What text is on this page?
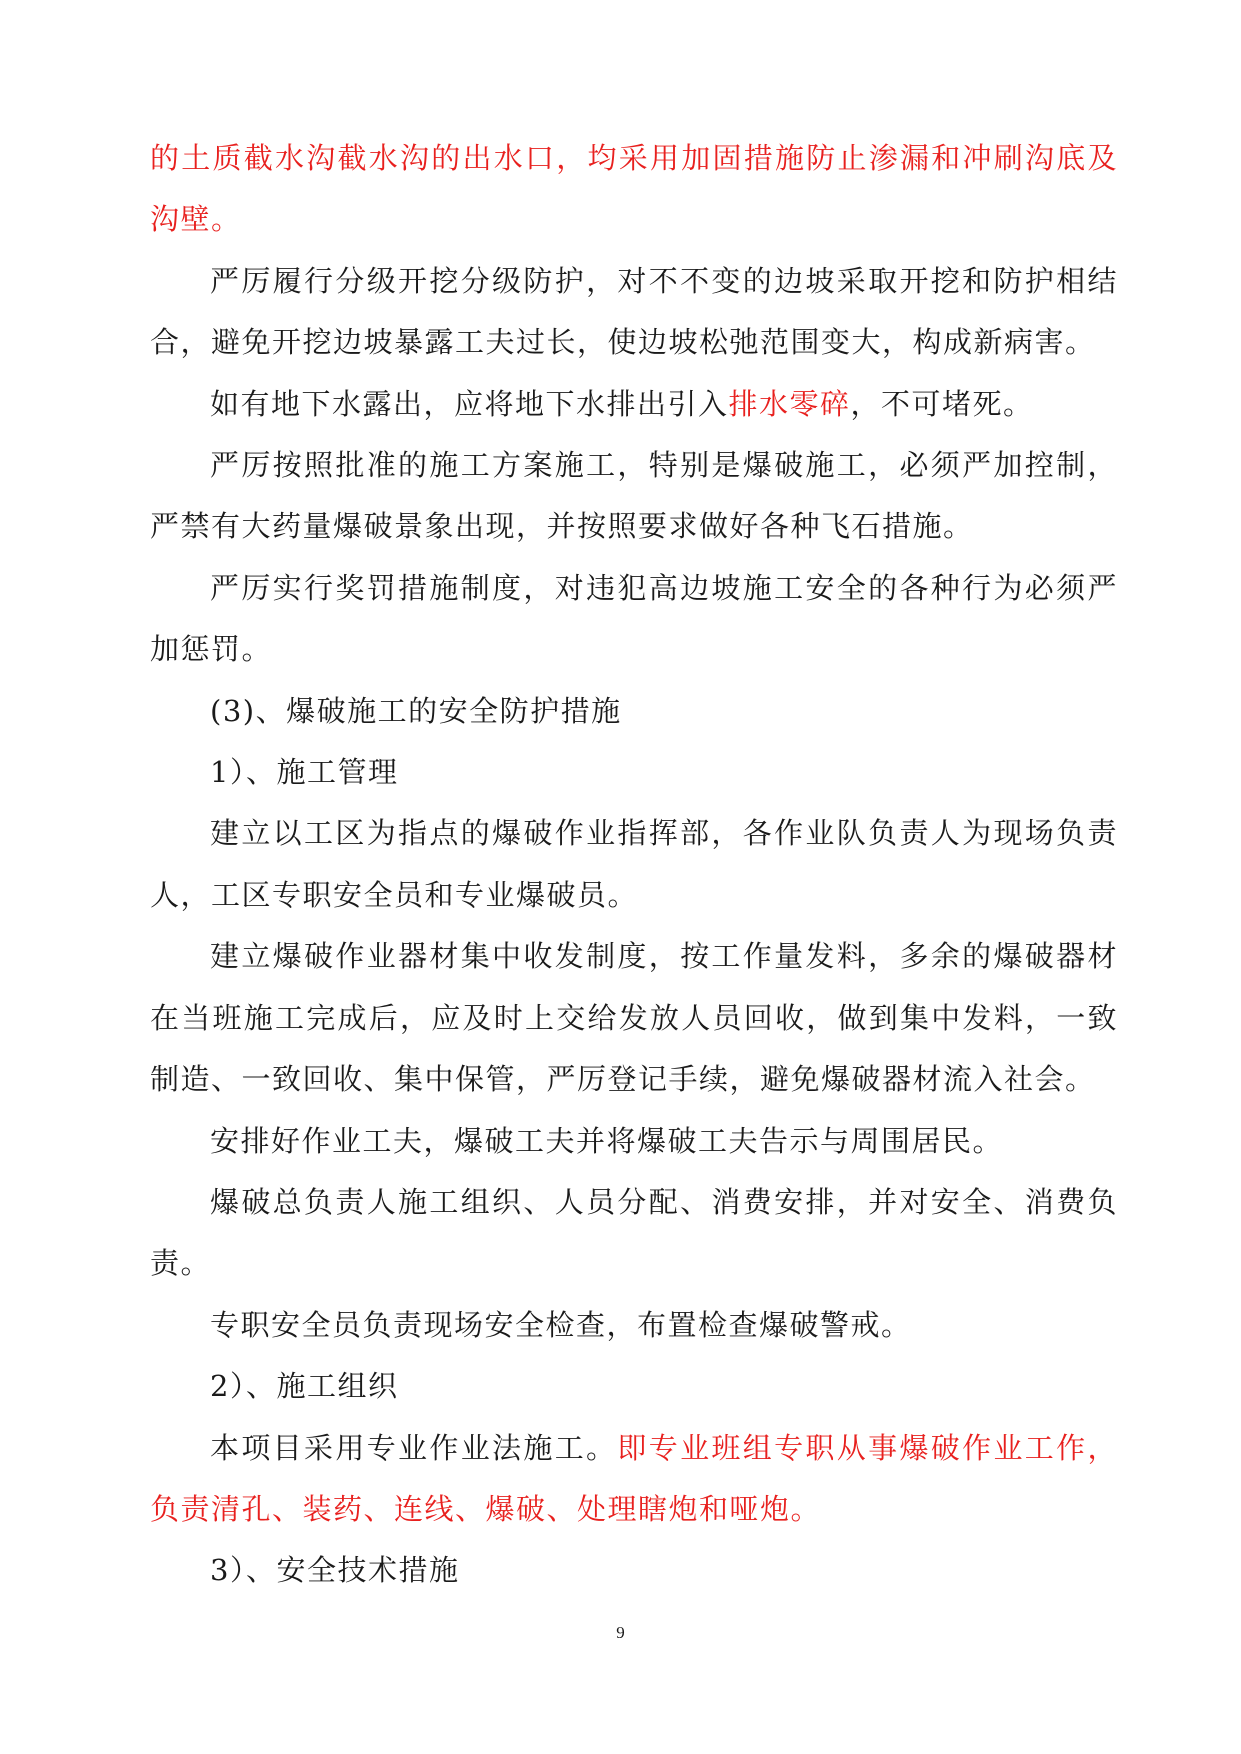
的土质截水沟截水沟的出水口，均采用加固措施防止渗漏和冲刷沟底及沟壁。

严厉履行分级开挖分级防护，对不不变的边坡采取开挖和防护相结合，避免开挖边坡暴露工夫过长，使边坡松弛范围变大，构成新病害。

如有地下水露出，应将地下水排出引入排水零碎，不可堵死。

严厉按照批准的施工方案施工，特别是爆破施工，必须严加控制，严禁有大药量爆破景象出现，并按照要求做好各种飞石措施。

严厉实行奖罚措施制度，对违犯高边坡施工安全的各种行为必须严加惩罚。

(3)、爆破施工的安全防护措施

1）、施工管理

建立以工区为指点的爆破作业指挥部，各作业队负责人为现场负责人，工区专职安全员和专业爆破员。

建立爆破作业器材集中收发制度，按工作量发料，多余的爆破器材在当班施工完成后，应及时上交给发放人员回收，做到集中发料，一致制造、一致回收、集中保管，严厉登记手续，避免爆破器材流入社会。

安排好作业工夫，爆破工夫并将爆破工夫告示与周围居民。

爆破总负责人施工组织、人员分配、消费安排，并对安全、消费负责。

专职安全员负责现场安全检查，布置检查爆破警戒。

2）、施工组织

本项目采用专业作业法施工。即专业班组专职从事爆破作业工作，负责清孔、装药、连线、爆破、处理瞎炮和哑炮。

3）、安全技术措施

9
